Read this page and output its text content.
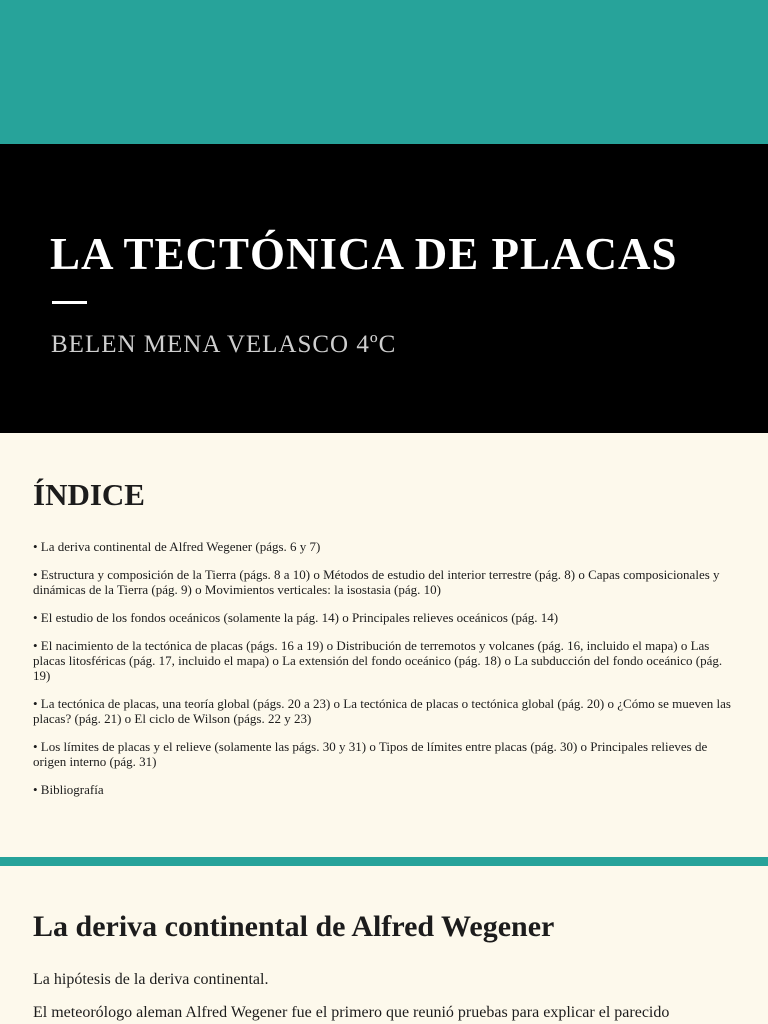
LA TECTÓNICA DE PLACAS
BELEN MENA VELASCO 4ºC
ÍNDICE
• La deriva continental de Alfred Wegener (págs. 6 y 7)
• Estructura y composición de la Tierra (págs. 8 a 10) o Métodos de estudio del interior terrestre (pág. 8) o Capas composicionales y dinámicas de la Tierra (pág. 9) o Movimientos verticales: la isostasia (pág. 10)
• El estudio de los fondos oceánicos (solamente la pág. 14) o Principales relieves oceánicos (pág. 14)
• El nacimiento de la tectónica de placas (págs. 16 a 19) o Distribución de terremotos y volcanes (pág. 16, incluido el mapa) o Las placas litosféricas (pág. 17, incluido el mapa) o La extensión del fondo oceánico (pág. 18) o La subducción del fondo oceánico (pág. 19)
• La tectónica de placas, una teoría global (págs. 20 a 23) o La tectónica de placas o tectónica global (pág. 20) o ¿Cómo se mueven las placas? (pág. 21) o El ciclo de Wilson (págs. 22 y 23)
• Los límites de placas y el relieve (solamente las págs. 30 y 31) o Tipos de límites entre placas (pág. 30) o Principales relieves de origen interno (pág. 31)
• Bibliografía
La deriva continental de Alfred Wegener

La hipótesis de la deriva continental.

El meteorólogo aleman Alfred Wegener fue el primero que reunió pruebas para explicar el parecido
